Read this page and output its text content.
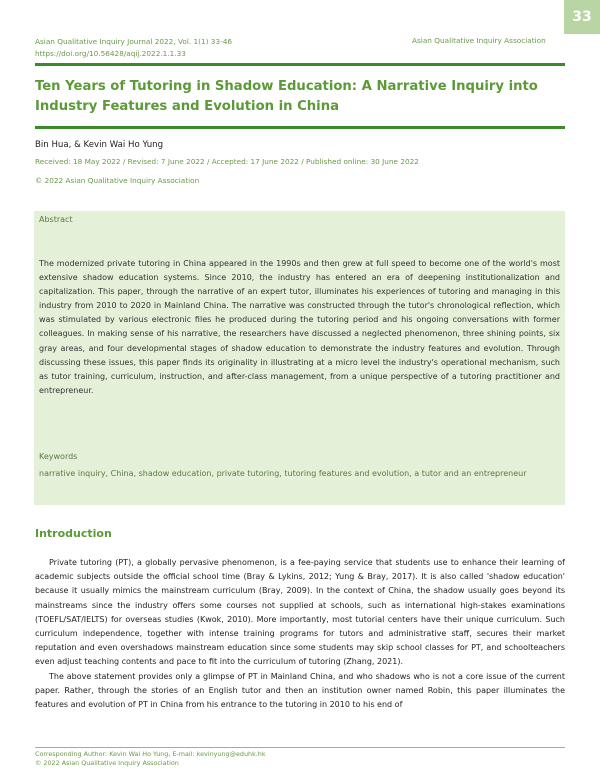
33
Asian Qualitative Inquiry Journal 2022, Vol. 1(1) 33-46
https://doi.org/10.56428/aqij.2022.1.1.33
Asian Qualitative Inquiry Association
Ten Years of Tutoring in Shadow Education: A Narrative Inquiry into Industry Features and Evolution in China
Bin Hua, & Kevin Wai Ho Yung
Received: 18 May 2022 / Revised: 7 June 2022 / Accepted: 17 June 2022 / Published online: 30 June 2022
© 2022 Asian Qualitative Inquiry Association
Abstract
The modernized private tutoring in China appeared in the 1990s and then grew at full speed to become one of the world's most extensive shadow education systems. Since 2010, the industry has entered an era of deepening institutionalization and capitalization. This paper, through the narrative of an expert tutor, illuminates his experiences of tutoring and managing in this industry from 2010 to 2020 in Mainland China. The narrative was constructed through the tutor's chronological reflection, which was stimulated by various electronic files he produced during the tutoring period and his ongoing conversations with former colleagues. In making sense of his narrative, the researchers have discussed a neglected phenomenon, three shining points, six gray areas, and four developmental stages of shadow education to demonstrate the industry features and evolution. Through discussing these issues, this paper finds its originality in illustrating at a micro level the industry's operational mechanism, such as tutor training, curriculum, instruction, and after-class management, from a unique perspective of a tutoring practitioner and entrepreneur.
Keywords
narrative inquiry, China, shadow education, private tutoring, tutoring features and evolution, a tutor and an entrepreneur
Introduction

Private tutoring (PT), a globally pervasive phenomenon, is a fee-paying service that students use to enhance their learning of academic subjects outside the official school time (Bray & Lykins, 2012; Yung & Bray, 2017). It is also called 'shadow education' because it usually mimics the mainstream curriculum (Bray, 2009). In the context of China, the shadow usually goes beyond its mainstreams since the industry offers some courses not supplied at schools, such as international high-stakes examinations (TOEFL/SAT/IELTS) for overseas studies (Kwok, 2010). More importantly, most tutorial centers have their unique curriculum. Such curriculum independence, together with intense training programs for tutors and administrative staff, secures their market reputation and even overshadows mainstream education since some students may skip school classes for PT, and schoolteachers even adjust teaching contents and pace to fit into the curriculum of tutoring (Zhang, 2021).

The above statement provides only a glimpse of PT in Mainland China, and who shadows who is not a core issue of the current paper. Rather, through the stories of an English tutor and then an institution owner named Robin, this paper illuminates the features and evolution of PT in China from his entrance to the tutoring in 2010 to his end of

Corresponding Author: Kevin Wai Ho Yung, E-mail: kevinyung@eduhk.hk
© 2022 Asian Qualitative Inquiry Association
